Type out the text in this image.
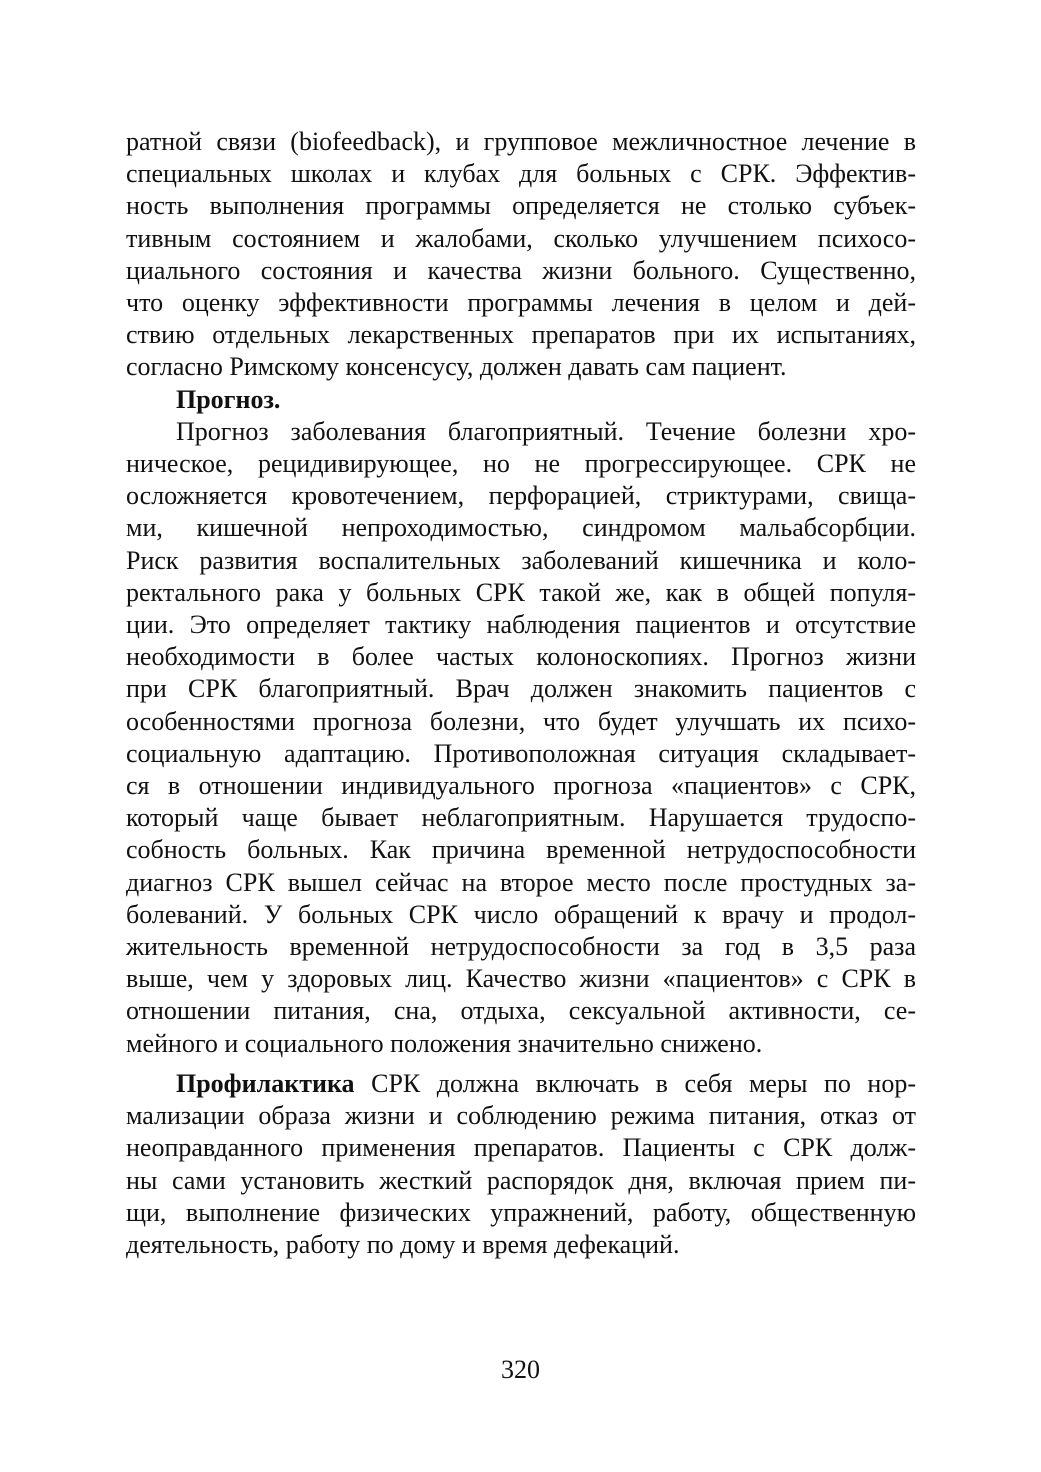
ратной связи (biofeedback), и групповое межличностное лечение в
специальных школах и клубах для больных с СРК. Эффектив-
ность выполнения программы определяется не столько субъек-
тивным состоянием и жалобами, сколько улучшением психосо-
циального состояния и качества жизни больного. Существенно,
что оценку эффективности программы лечения в целом и дей-
ствию отдельных лекарственных препаратов при их испытаниях,
согласно Римскому консенсусу, должен давать сам пациент.
Прогноз.
Прогноз заболевания благоприятный. Течение болезни хро-
ническое, рецидивирующее, но не прогрессирующее. СРК не
осложняется кровотечением, перфорацией, стриктурами, свища-
ми, кишечной непроходимостью, синдромом мальабсорбции.
Риск развития воспалительных заболеваний кишечника и коло-
ректального рака у больных СРК такой же, как в общей популя-
ции. Это определяет тактику наблюдения пациентов и отсутствие
необходимости в более частых колоноскопиях. Прогноз жизни
при СРК благоприятный. Врач должен знакомить пациентов с
особенностями прогноза болезни, что будет улучшать их психо-
социальную адаптацию. Противоположная ситуация складывает-
ся в отношении индивидуального прогноза «пациентов» с СРК,
который чаще бывает неблагоприятным. Нарушается трудоспо-
собность больных. Как причина временной нетрудоспособности
диагноз СРК вышел сейчас на второе место после простудных за-
болеваний. У больных СРК число обращений к врачу и продол-
жительность временной нетрудоспособности за год в 3,5 раза
выше, чем у здоровых лиц. Качество жизни «пациентов» с СРК в
отношении питания, сна, отдыха, сексуальной активности, се-
мейного и социального положения значительно снижено.
Профилактика СРК должна включать в себя меры по нор-
мализации образа жизни и соблюдению режима питания, отказ от
неоправданного применения препаратов. Пациенты с СРК долж-
ны сами установить жесткий распорядок дня, включая прием пи-
щи, выполнение физических упражнений, работу, общественную
деятельность, работу по дому и время дефекаций.
320
